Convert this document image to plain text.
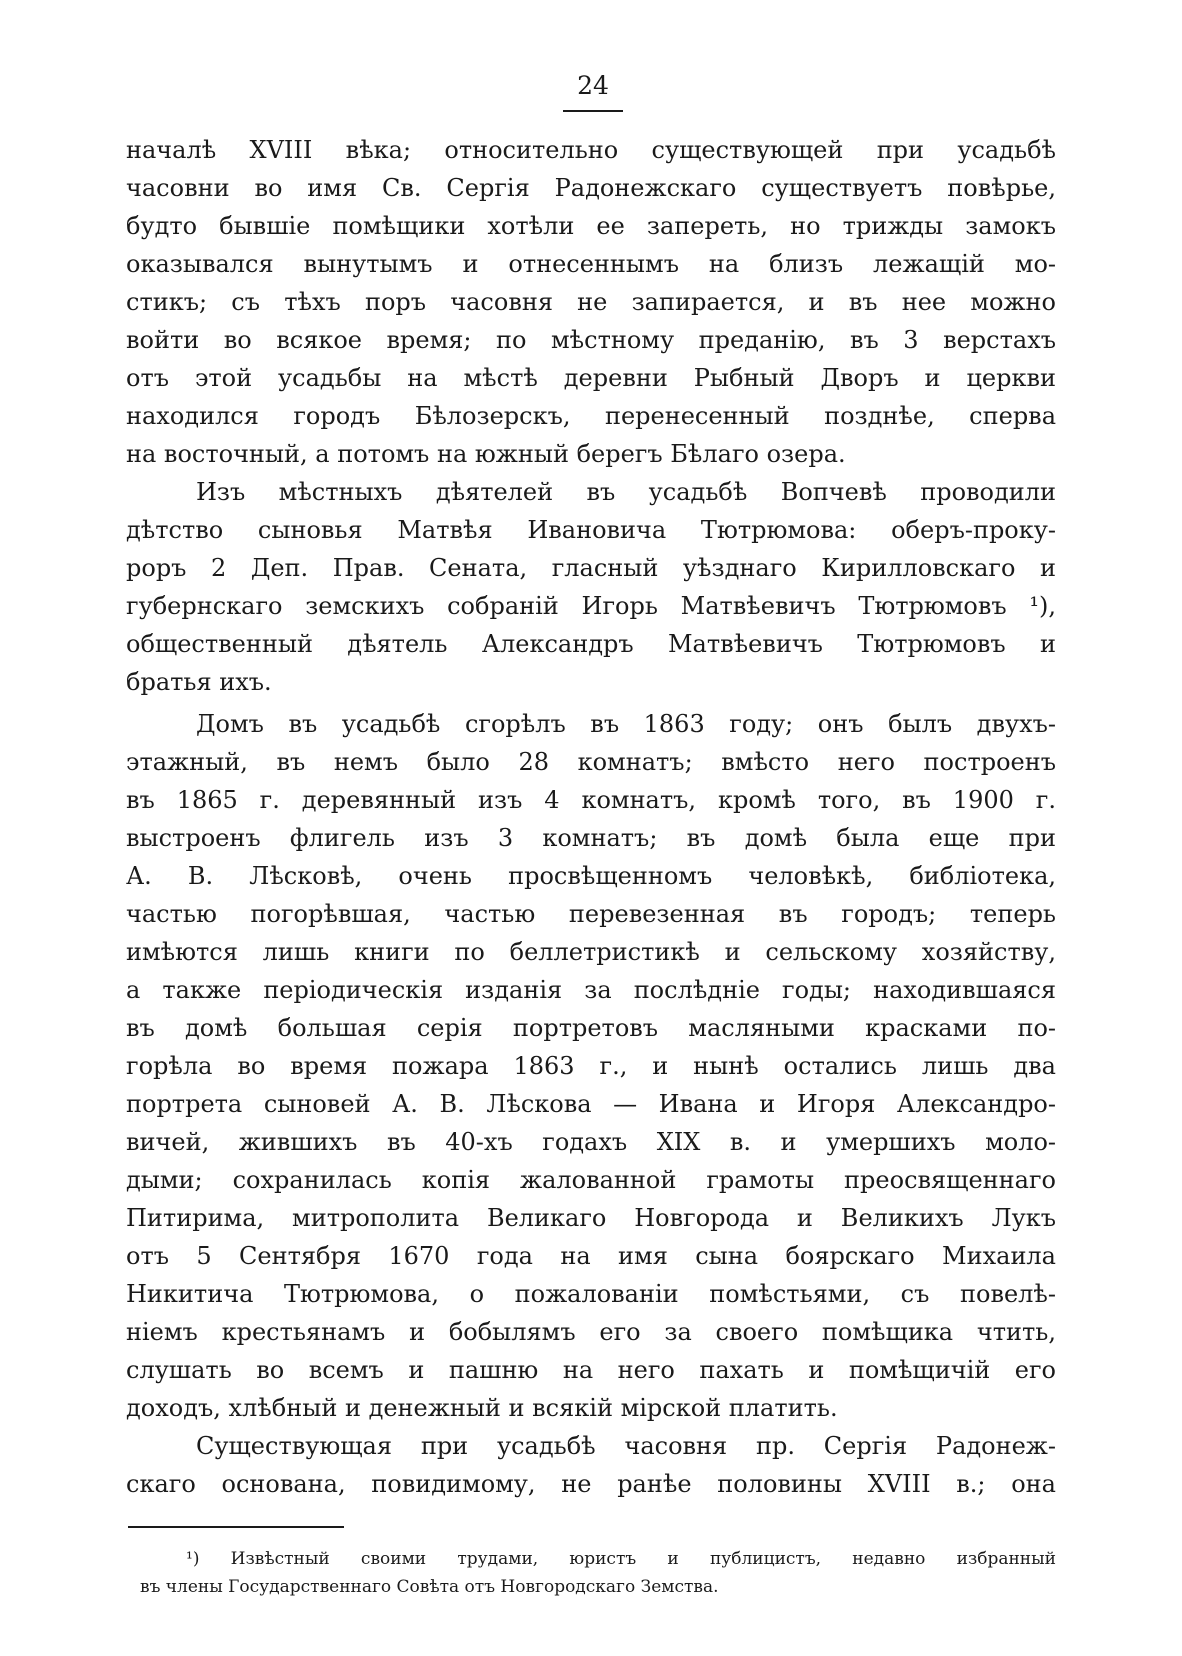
24
началѣ XVIII вѣка; относительно существующей при усадьбѣ
часовни во имя Св. Сергія Радонежскаго существуетъ повѣрье,
будто бывшіе помѣщики хотѣли ее запереть, но трижды замокъ
оказывался вынутымъ и отнесеннымъ на близъ лежащій мо-
стикъ; съ тѣхъ поръ часовня не запирается, и въ нее можно
войти во всякое время; по мѣстному преданію, въ 3 верстахъ
отъ этой усадьбы на мѣстѣ деревни Рыбный Дворъ и церкви
находился городъ Бѣлозерскъ, перенесенный позднѣе, сперва
на восточный, а потомъ на южный берегъ Бѣлаго озера.
Изъ мѣстныхъ дѣятелей въ усадьбѣ Вопчевѣ проводили
дѣтство сыновья Матвѣя Ивановича Тютрюмова: оберъ-проку-
роръ 2 Деп. Прав. Сената, гласный уѣзднаго Кирилловскаго и
губернскаго земскихъ собраній Игорь Матвѣевичъ Тютрюмовъ ¹),
общественный дѣятель Александръ Матвѣевичъ Тютрюмовъ и
братья ихъ.
Домъ въ усадьбѣ сгорѣлъ въ 1863 году; онъ былъ двухъ-
этажный, въ немъ было 28 комнатъ; вмѣсто него построенъ
въ 1865 г. деревянный изъ 4 комнатъ, кромѣ того, въ 1900 г.
выстроенъ флигель изъ 3 комнатъ; въ домѣ была еще при
А. В. Лѣсковѣ, очень просвѣщенномъ человѣкѣ, библіотека,
частью погорѣвшая, частью перевезенная въ городъ; теперь
имѣются лишь книги по беллетристикѣ и сельскому хозяйству,
а также періодическія изданія за послѣдніе годы; находившаяся
въ домѣ большая серія портретовъ масляными красками по-
горѣла во время пожара 1863 г., и нынѣ остались лишь два
портрета сыновей А. В. Лѣскова — Ивана и Игоря Александро-
вичей, жившихъ въ 40-хъ годахъ XIX в. и умершихъ моло-
дыми; сохранилась копія жалованной грамоты преосвященнаго
Питирима, митрополита Великаго Новгорода и Великихъ Лукъ
отъ 5 Сентября 1670 года на имя сына боярскаго Михаила
Никитича Тютрюмова, о пожалованіи помѣстьями, съ повелѣ-
ніемъ крестьянамъ и бобылямъ его за своего помѣщика чтить,
слушать во всемъ и пашню на него пахать и помѣщичій его
доходъ, хлѣбный и денежный и всякій мірской платить.
Существующая при усадьбѣ часовня пр. Сергія Радонеж-
скаго основана, повидимому, не ранѣе половины XVIII в.; она
¹) Извѣстный своими трудами, юристъ и публицистъ, недавно избранный
въ члены Государственнаго Совѣта отъ Новгородскаго Земства.
